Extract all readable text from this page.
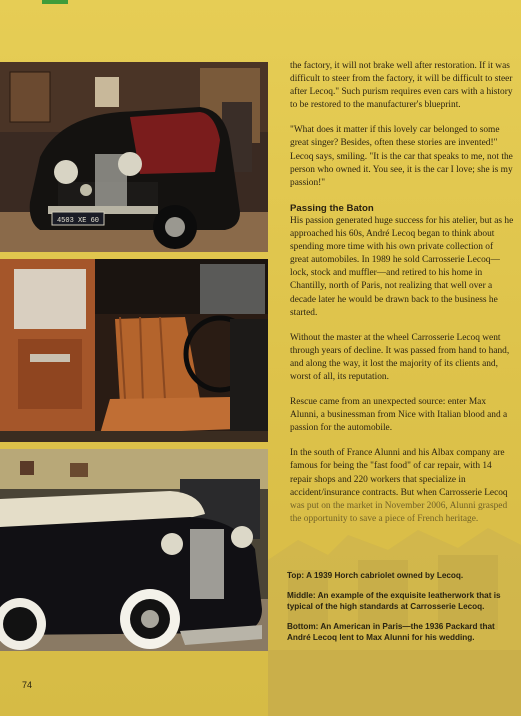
4503 XE 60

the factory, it will not brake well after restoration. If it was difficult to steer from the factory, it will be difficult to steer after Lecoq." Such purism requires even cars with a history to be restored to the manufacturer's blueprint.

"What does it matter if this lovely car belonged to some great singer? Besides, often these stories are invented!" Lecoq says, smiling. "It is the car that speaks to me, not the person who owned it. You see, it is the car I love; she is my passion!"

Passing the Baton

His passion generated huge success for his atelier, but as he approached his 60s, André Lecoq began to think about spending more time with his own private collection of great automobiles. In 1989 he sold Carrosserie Lecoq—lock, stock and muffler—and retired to his home in Chantilly, north of Paris, not realizing that well over a decade later he would be drawn back to the business he started.

Without the master at the wheel Carrosserie Lecoq went through years of decline. It was passed from hand to hand, and along the way, it lost the majority of its clients and, worst of all, its reputation.

Rescue came from an unexpected source: enter Max Alunni, a businessman from Nice with Italian blood and a passion for the automobile.

In the south of France Alunni and his Albax company are famous for being the "fast food" of car repair, with 14 repair shops and 220 workers that specialize in accident/insurance contracts. But when Carrosserie Lecoq was put on the market in November 2006, Alunni grasped the opportunity to save a piece of French heritage.

Top: A 1939 Horch cabriolet owned by Lecoq.

Middle: An example of the exquisite leatherwork that is typical of the high standards at Carrosserie Lecoq.

Bottom: An American in Paris—the 1936 Packard that André Lecoq lent to Max Alunni for his wedding.

74
